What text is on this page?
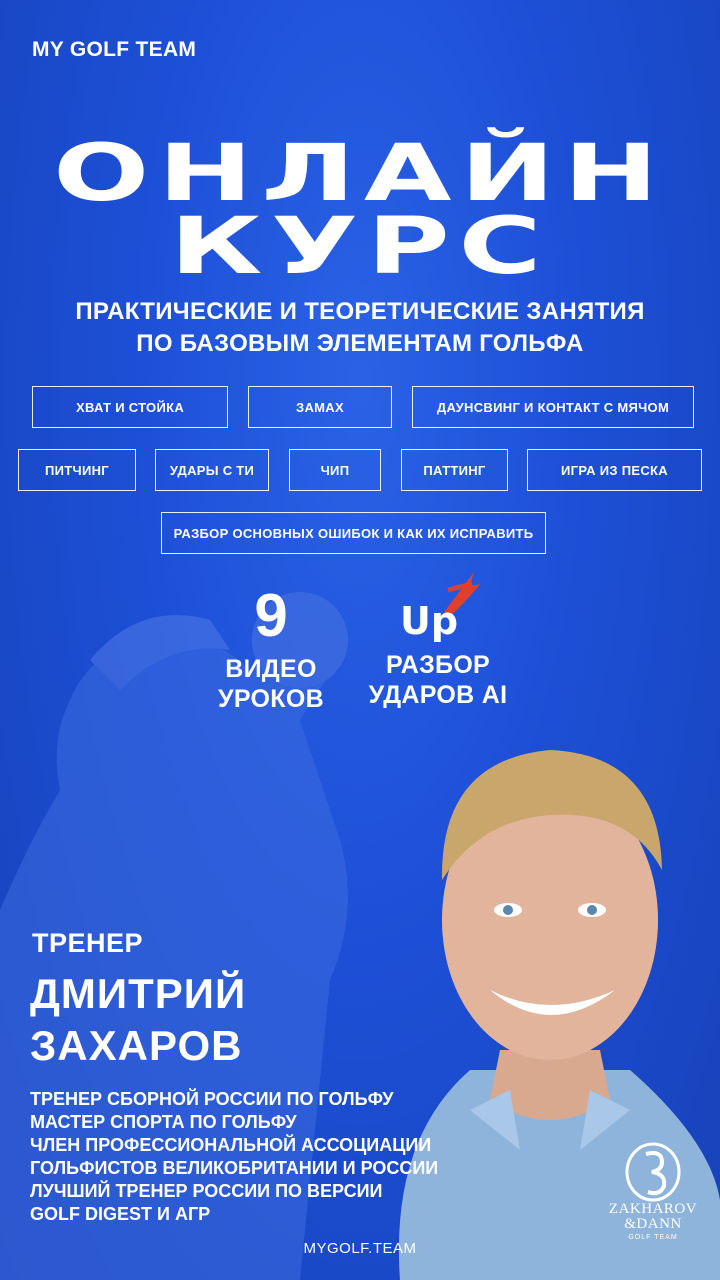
MY GOLF TEAM
ОНЛАЙН
КУРС
ПРАКТИЧЕСКИЕ И ТЕОРЕТИЧЕСКИЕ ЗАНЯТИЯ
ПО БАЗОВЫМ ЭЛЕМЕНТАМ ГОЛЬФА
ХВАТ И СТОЙКА	ЗАМАХ	ДАУНСВИНГ И КОНТАКТ С МЯЧОМ
ПИТЧИНГ	УДАРЫ С ТИ	ЧИП	ПАТТИНГ	ИГРА ИЗ ПЕСКА
РАЗБОР ОСНОВНЫХ ОШИБОК И КАК ИХ ИСПРАВИТЬ
9
ВИДЕО
УРОКОВ
Up
РАЗБОР
УДАРОВ AI
ТРЕНЕР
ДМИТРИЙ
ЗАХАРОВ
ТРЕНЕР СБОРНОЙ РОССИИ ПО ГОЛЬФУ
МАСТЕР СПОРТА ПО ГОЛЬФУ
ЧЛЕН ПРОФЕССИОНАЛЬНОЙ АССОЦИАЦИИ
ГОЛЬФИСТОВ ВЕЛИКОБРИТАНИИ И РОССИИ
ЛУЧШИЙ ТРЕНЕР РОССИИ ПО ВЕРСИИ
GOLF DIGEST И АГР
MYGOLF.TEAM
ZAKHAROV
&DANN
GOLF TEAM
